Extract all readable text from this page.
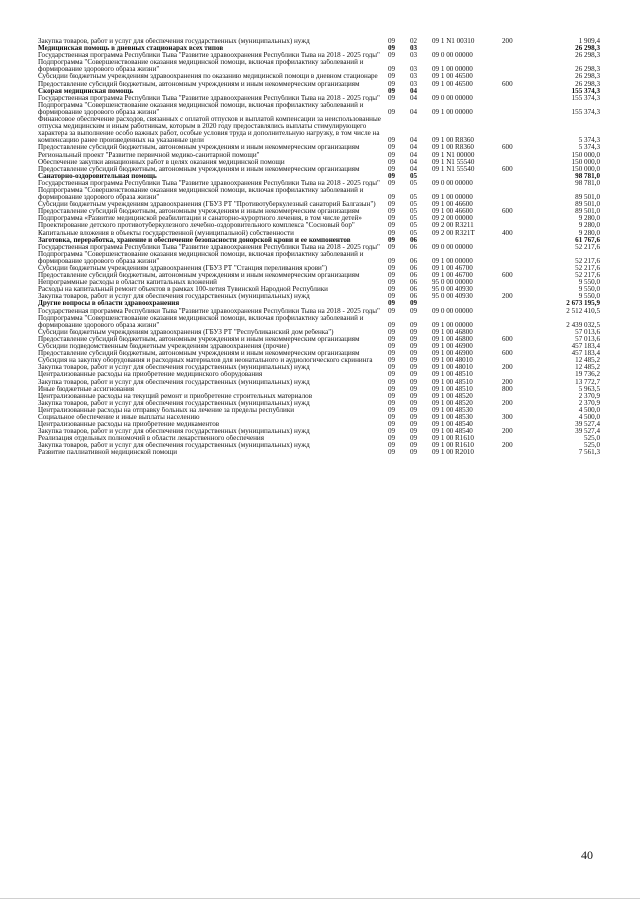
Закупка товаров, работ и услуг для обеспечения государственных (муниципальных) нужд	09	02	09 1 N1 00310	200	1 909,4
Медицинская помощь в дневных стационарах всех типов	09	03			26 298,3
Государственная программа Республики Тыва "Развитие здравоохранения Республики Тыва на 2018 - 2025 годы"	09	03	09 0 00 00000		26 298,3
Подпрограмма "Совершенствование оказания медицинской помощи, включая профилактику заболеваний и формирование здорового образа жизни"	09	03	09 1 00 00000		26 298,3
Субсидии бюджетным учреждениям здравоохранения по оказанию медицинской помощи в дневном стационаре	09	03	09 1 00 46500		26 298,3
Предоставление субсидий бюджетным, автономным учреждениям и иным некоммерческим организациям	09	03	09 1 00 46500	600	26 298,3
Скорая медицинская помощь	09	04			155 374,3
Государственная программа Республики Тыва "Развитие здравоохранения Республики Тыва на 2018 - 2025 годы"	09	04	09 0 00 00000		155 374,3
Подпрограмма "Совершенствование оказания медицинской помощи, включая профилактику заболеваний и формирование здорового образа жизни"	09	04	09 1 00 00000		155 374,3
Финансовое обеспечение расходов, связанных с оплатой отпусков и выплатой компенсации за неиспользованные отпуска медицинским и иным работникам, которым в 2020 году предоставлялись выплаты стимулирующего характера за выполнение особо важных работ, особые условия труда и дополнительную нагрузку, в том числе на компенсацию ранее произведенных на указанные цели	09	04	09 1 00 R8360		5 374,3
Предоставление субсидий бюджетным, автономным учреждениям и иным некоммерческим организациям	09	04	09 1 00 R8360	600	5 374,3
Региональный проект "Развитие первичной медико-санитарной помощи"	09	04	09 1 N1 00000		150 000,0
Обеспечение закупки авиационных работ в целях оказания медицинской помощи	09	04	09 1 N1 55540		150 000,0
Предоставление субсидий бюджетным, автономным учреждениям и иным некоммерческим организациям	09	04	09 1 N1 55540	600	150 000,0
Санаторно-оздоровительная помощь	09	05			98 781,0
Государственная программа Республики Тыва "Развитие здравоохранения Республики Тыва на 2018 - 2025 годы"	09	05	09 0 00 00000		98 781,0
Подпрограмма "Совершенствование оказания медицинской помощи, включая профилактику заболеваний и формирование здорового образа жизни"	09	05	09 1 00 00000		89 501,0
Субсидии бюджетным учреждениям здравоохранения (ГБУЗ РТ "Противотуберкулезный санаторий Балгазын")	09	05	09 1 00 46600		89 501,0
Предоставление субсидий бюджетным, автономным учреждениям и иным некоммерческим организациям	09	05	09 1 00 46600	600	89 501,0
Подпрограмма «Развитие медицинской реабилитации и санаторно-курортного лечения, в том числе детей»	09	05	09 2 00 00000		9 280,0
Проектирование детского противотуберкулезного лечебно-оздоровительного комплекса "Сосновый бор"	09	05	09 2 00 R3211		9 280,0
Капитальные вложения в объекты государственной (муниципальной) собственности	09	05	09 2 00 R321Т	400	9 280,0
Заготовка, переработка, хранение и обеспечение безопасности донорской крови и ее компонентов	09	06			61 767,6
Государственная программа Республики Тыва "Развитие здравоохранения Республики Тыва на 2018 - 2025 годы"	09	06	09 0 00 00000		52 217,6
Подпрограмма "Совершенствование оказания медицинской помощи, включая профилактику заболеваний и формирование здорового образа жизни"	09	06	09 1 00 00000		52 217,6
Субсидии бюджетным учреждениям здравоохранения (ГБУЗ РТ "Станция переливания крови")	09	06	09 1 00 46700		52 217,6
Предоставление субсидий бюджетным, автономным учреждениям и иным некоммерческим организациям	09	06	09 1 00 46700	600	52 217,6
Непрограммные расходы в области капитальных вложений	09	06	95 0 00 00000		9 550,0
Расходы на капитальный ремонт объектов в рамках 100-летия Тувинской Народной Республики	09	06	95 0 00 40930		9 550,0
Закупка товаров, работ и услуг для обеспечения государственных (муниципальных) нужд	09	06	95 0 00 40930	200	9 550,0
Другие вопросы в области здравоохранения	09	09			2 673 195,9
Государственная программа Республики Тыва "Развитие здравоохранения Республики Тыва на 2018 - 2025 годы"	09	09	09 0 00 00000		2 512 410,5
Подпрограмма "Совершенствование оказания медицинской помощи, включая профилактику заболеваний и формирование здорового образа жизни"	09	09	09 1 00 00000		2 439 032,5
Субсидии бюджетным учреждениям здравоохранения (ГБУЗ РТ "Республиканский дом ребенка")	09	09	09 1 00 46800		57 013,6
Предоставление субсидий бюджетным, автономным учреждениям и иным некоммерческим организациям	09	09	09 1 00 46800	600	57 013,6
Субсидии подведомственным бюджетным учреждениям здравоохранения (прочие)	09	09	09 1 00 46900		457 183,4
Предоставление субсидий бюджетным, автономным учреждениям и иным некоммерческим организациям	09	09	09 1 00 46900	600	457 183,4
Субсидия на закупку оборудования и расходных материалов для неонатального и аудиологического скрининга	09	09	09 1 00 48010		12 485,2
Закупка товаров, работ и услуг для обеспечения государственных (муниципальных) нужд	09	09	09 1 00 48010	200	12 485,2
Централизованные расходы на приобретение медицинского оборудования	09	09	09 1 00 48510		19 736,2
Закупка товаров, работ и услуг для обеспечения государственных (муниципальных) нужд	09	09	09 1 00 48510	200	13 772,7
Иные бюджетные ассигнования	09	09	09 1 00 48510	800	5 963,5
Централизованные расходы на текущий ремонт и приобретение строительных материалов	09	09	09 1 00 48520		2 370,9
Закупка товаров, работ и услуг для обеспечения государственных (муниципальных) нужд	09	09	09 1 00 48520	200	2 370,9
Централизованные расходы на отправку больных на лечение за пределы республики	09	09	09 1 00 48530		4 500,0
Социальное обеспечение и иные выплаты населению	09	09	09 1 00 48530	300	4 500,0
Централизованные расходы на приобретение медикаментов	09	09	09 1 00 48540		39 527,4
Закупка товаров, работ и услуг для обеспечения государственных (муниципальных) нужд	09	09	09 1 00 48540	200	39 527,4
Реализация отдельных полномочий в области лекарственного обеспечения	09	09	09 1 00 R1610		525,0
Закупка товаров, работ и услуг для обеспечения государственных (муниципальных) нужд	09	09	09 1 00 R1610	200	525,0
Развитие паллиативной медицинской помощи	09	09	09 1 00 R2010		7 561,3
40
